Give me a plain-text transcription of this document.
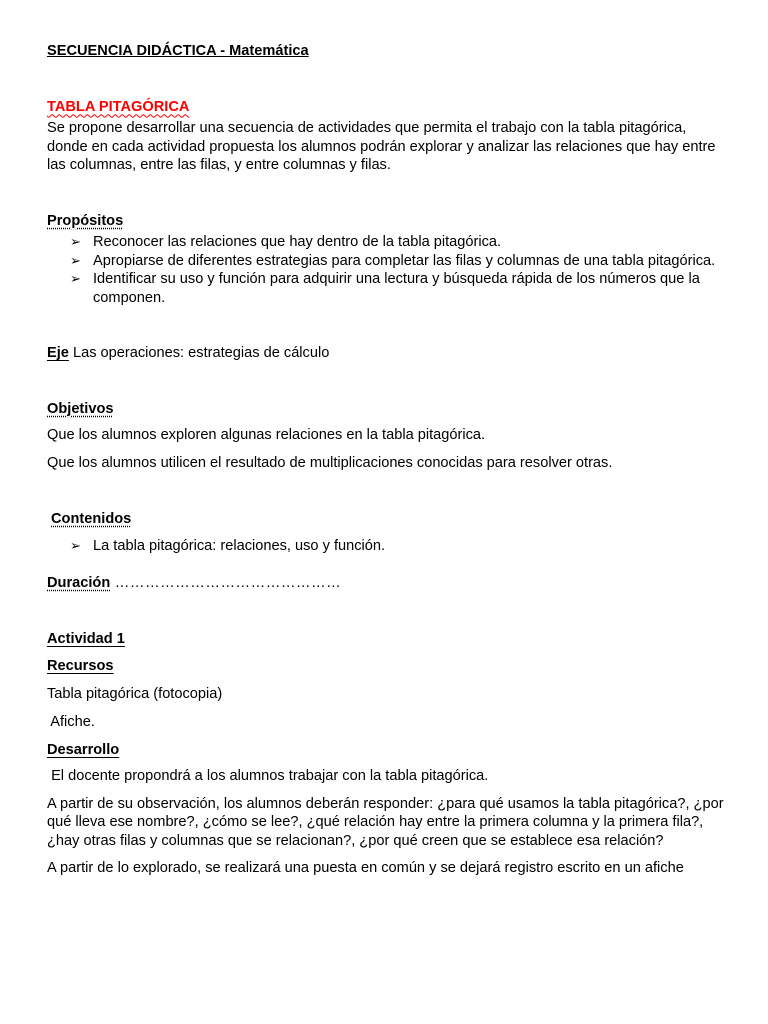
SECUENCIA DIDÁCTICA - Matemática

TABLA PITAGÓRICA

Se propone desarrollar una secuencia de actividades que permita el trabajo con la tabla pitagórica, donde en cada actividad propuesta los alumnos podrán explorar y analizar las relaciones que hay entre las columnas, entre las filas, y entre columnas y filas.

Propósitos

➢ Reconocer las relaciones que hay dentro de la tabla pitagórica.
➢ Apropiarse de diferentes estrategias para completar las filas y columnas de una tabla pitagórica.
➢ Identificar su uso y función para adquirir una lectura y búsqueda rápida de los números que la componen.

Eje Las operaciones: estrategias de cálculo

Objetivos

Que los alumnos exploren algunas relaciones en la tabla pitagórica.

Que los alumnos utilicen el resultado de multiplicaciones conocidas para resolver otras.

Contenidos

➢ La tabla pitagórica: relaciones, uso y función.

Duración ………………………………………

Actividad 1

Recursos

Tabla pitagórica (fotocopia)

Afiche.

Desarrollo

El docente propondrá a los alumnos trabajar con la tabla pitagórica.

A partir de su observación, los alumnos deberán responder: ¿para qué usamos la tabla pitagórica?, ¿por qué lleva ese nombre?, ¿cómo se lee?, ¿qué relación hay entre la primera columna y la primera fila?, ¿hay otras filas y columnas que se relacionan?, ¿por qué creen que se establece esa relación?

A partir de lo explorado, se realizará una puesta en común y se dejará registro escrito en un afiche
